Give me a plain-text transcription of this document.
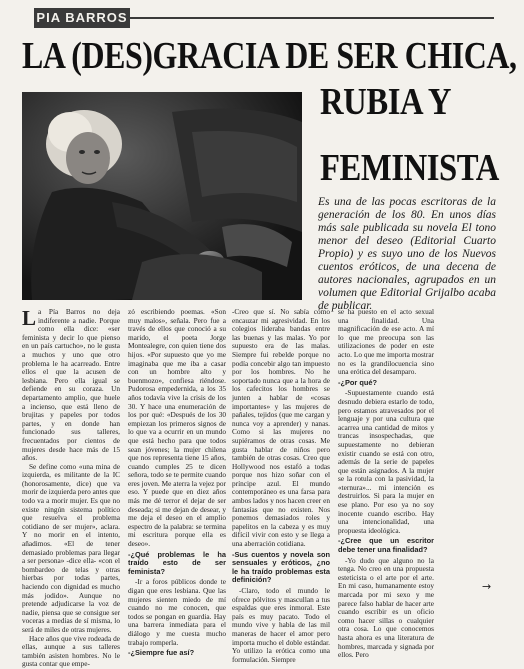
PIA BARROS
LA (DES)GRACIA DE SER CHICA,
RUBIA Y
FEMINISTA
Es una de las pocas escritoras de la generación de los 80. En unos días más sale publicada su novela El tono menor del deseo (Editorial Cuarto Propio) y es suyo uno de los Nuevos cuentos eróticos, de una decena de autores nacionales, agrupados en un volumen que Editorial Grijalbo acaba de publicar.

La Pía Barros no deja indiferente a nadie. Porque como ella dice: «ser feminista y decir lo que pienso en un país cartucho», no le gusta a muchos y uno que otro problema le ha acarreado. Entre ellos el que la acusen de lesbiana. Pero ella igual se defiende en su coraza. Un departamento amplio, que huele a incienso, que está lleno de brujitas y papeles por todos partes, y en donde han funcionado sus talleres, frecuentados por cientos de mujeres desde hace más de 15 años.

Se define como «una mina de izquierda, es militante de la IC (honorosamente, dice) que va morir de izquierda pero antes que todo va a morir mujer. Es que no existe ningún sistema político que resuelva el problema cotidiano de ser mujer», aclara. Y no morir en el intento, añadimos. «El de tener demasiado problemas para llegar a ser persona» -dice ella- «con el bombardeo de telas y otras hierbas por todas partes, haciendo con dignidad es mucho más jodido». Aunque no pretende adjudicarse la voz de nadie, piensa que se consigue ser voceras a medias de sí misma, lo será de miles de otras mujeres.

Hace años que vive rodeada de ellas, aunque a sus talleres también asisten hombres. No le gusta contar que empe-

zó escribiendo poemas. «Son muy malos», señala. Pero fue a través de ellos que conoció a su marido, el poeta Jorge Montealegre, con quien tiene dos hijos. «Por supuesto que yo me imaginaba que me iba a casar con un hombre alto y buenmozo», confiesa riéndose. Pudorosa empedernida, a los 35 años todavía vive la crisis de los 30. Y hace una enumeración de los por qué: «Después de los 30 empiezan los primeros signos de lo que va a ocurrir en un mundo que está hecho para que todos sean jóvenes; la mujer chilena que nos representa tiene 15 años, cuando cumples 25 te dicen señora, todo se te permite cuando eres joven. Me aterra la vejez por eso. Y puede que en diez años más me dé terror el dejar de ser deseada; si me dejan de desear, y me deja el deseo en el amplio espectro de la palabra: se termina mi escritura porque ella es deseo».

-¿Qué problemas le ha traído esto de ser feminista?

-Ir a foros públicos donde te digan que eres lesbiana. Que las mujeres sienten miedo de mí cuando no me conocen, que todos se pongan en guardia. Hay una barrera inmediata para el diálogo y me cuesta mucho trabajo romperla.

-¿Siempre fue así?

-Creo que sí. No sabía cómo encauzar mi agresividad. En los colegios lideraba bandas entre las buenas y las malas. Yo por supuesto era de las malas. Siempre fui rebelde porque no podía concebir algo tan impuesto por los hombres. No he soportado nunca que a la hora de los cafecitos los hombres se junten a hablar de «cosas importantes» y las mujeres de pañales, tejidos (que me cargan y nunca voy a aprender) y nanas. Como si las mujeres no supiéramos de otras cosas. Me gusta hablar de niños pero también de otras cosas. Creo que Hollywood nos estafó a todas porque nos hizo soñar con el príncipe azul. El mundo contemporáneo es una farsa para ambos lados y nos hacen creer en fantasías que no existen. Nos ponemos demasiados roles y papelitos en la cabeza y es muy difícil vivir con esto y se llega a una aberración cotidiana.

-Sus cuentos y novela son sensuales y eróticos, ¿no le ha traído problemas esta definición?

-Claro, todo el mundo le ofrece pólvitos y mascullan a tus espaldas que eres inmoral. Este país es muy pacato. Todo el mundo vive y habla de las mil maneras de hacer el amor pero importa mucho el doble estándar. Yo utilizo la erótica como una formulación. Siempre

se ha puesto en el acto sexual una finalidad. Una magnificación de ese acto. A mí lo que me preocupa son las utilizaciones de poder en este acto. Lo que me importa mostrar no es la grandilocuencia sino una erótica del desamparo.

-¿Por qué?

-Supuestamente cuando está desnudo debiera estarlo de todo, pero estamos atravesados por el lenguaje y por una cultura que acarrea una cantidad de mitos y trancas insospechadas, que supuestamente no debieran existir cuando se está con otro, además de la serie de papeles que están asignados. A la mujer se la rotula con la pasividad, la «ternura»... mi intención es destruirlos. Si para la mujer en ese plano. Por eso ya no soy inocente cuando escribo. Hay una intencionalidad, una propuesta ideológica.

-¿Cree que un escritor debe tener una finalidad?

-Yo dudo que alguno no la tenga. No creo en una propuesta esteticista o el arte por el arte. En mi caso, humanamente estoy marcada por mi sexo y me parece falso hablar de hacer arte cuando escribir es un oficio como hacer sillas o cualquier otra cosa. Lo que conocemos hasta ahora es una literatura de hombres, marcada y signada por ellos. Pero

→
